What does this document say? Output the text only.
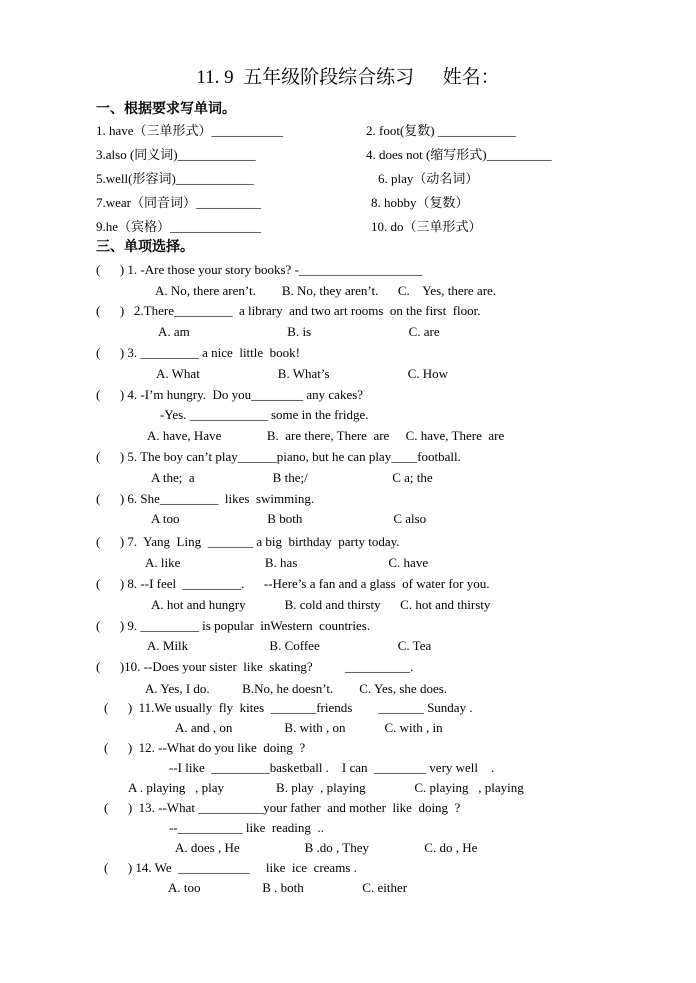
11. 9  五年级阶段综合练习      姓名：
一、根据要求写单词。
1. have（三单形式）___________	2. foot(复数) ____________
3.also (同义词)____________	4. does not (缩写形式)__________
5.well(形容词)____________	6. play（动名词）
7.wear（同音词）__________	8. hobby（复数）
9.he（宾格）______________	10. do（三单形式）
三、单项选择。
(      ) 1. -Are those your story books? -___________________
A. No, there aren’t.        B. No, they aren’t.      C.    Yes, there are.
(      )   2.There_________  a library  and two art rooms  on the first  floor.
A. am                              B. is                              C. are
(      ) 3. _________ a nice  little  book!
A. What                        B. What’s                        C. How
(      ) 4. -I’m hungry.  Do you________ any cakes?
-Yes. ____________ some in the fridge.
A. have, Have              B.  are there, There  are     C. have, There  are
(      ) 5. The boy can’t play______piano, but he can play____football.
A the;  a                        B the;/                          C a; the
(      ) 6. She_________  likes  swimming.
A too                           B both                            C also
(      ) 7.  Yang  Ling  _______ a big  birthday  party today.
A. like                          B. has                            C. have
(      ) 8. --I feel  _________.      --Here’s a fan and a glass  of water for you.
A. hot and hungry            B. cold and thirsty      C. hot and thirsty
(      ) 9. _________ is popular  inWestern  countries.
A. Milk                         B. Coffee                        C. Tea
(      )10. --Does your sister  like  skating?          __________.
A. Yes, I do.          B.No, he doesn’t.        C. Yes, she does.
(      )  11.We usually  fly  kites  _______friends        _______ Sunday .
A. and , on                B. with , on            C. with , in
(      )  12. --What do you like  doing  ?
--I like  _________basketball .    I can  ________ very well    .
A . playing   , play                B. play  , playing               C. playing   , playing
(      )  13. --What __________your father  and mother  like  doing  ?
--__________ like  reading  ..
A. does , He                    B .do , They                 C. do , He
(      ) 14. We  ___________     like  ice  creams .
A. too                   B . both                  C. either
